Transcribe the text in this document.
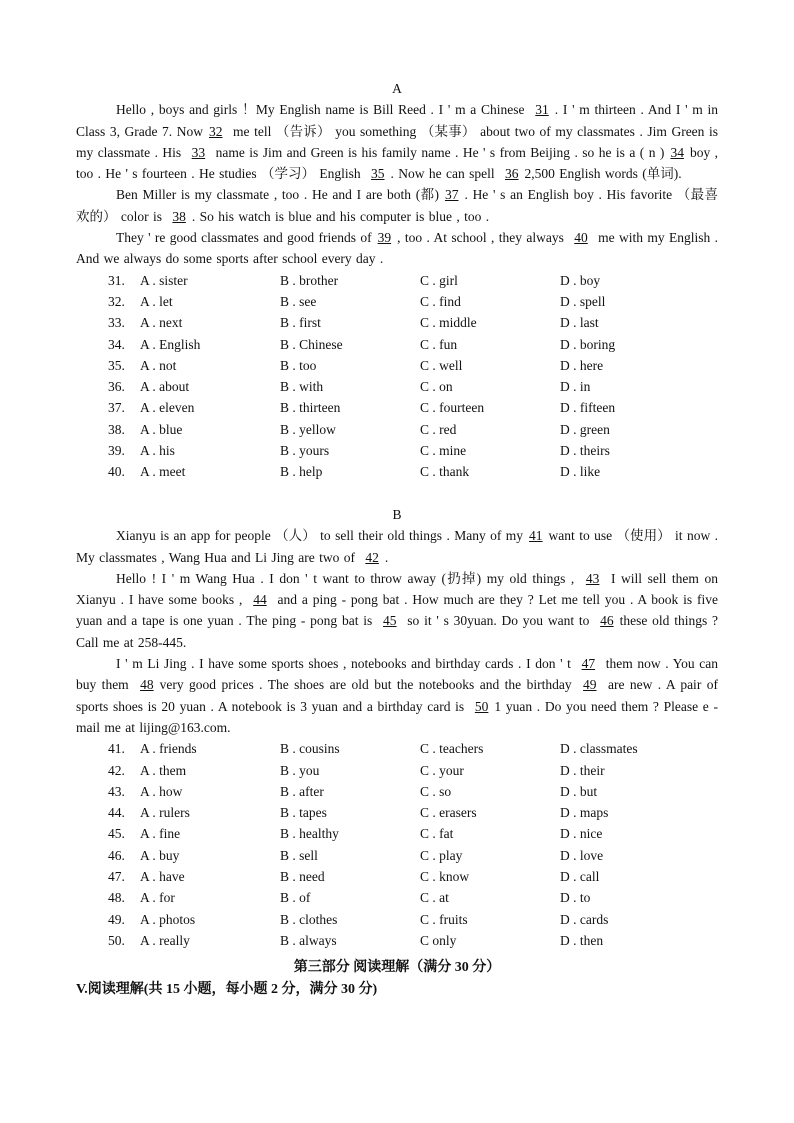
A

Hello , boys and girls ！My English name is Bill Reed . I ' m a Chinese 31 . I ' m thirteen . And I ' m in Class 3, Grade 7. Now 32 me tell （告诉） you something （某事） about two of my classmates . Jim Green is my classmate . His 33 name is Jim and Green is his family name . He ' s from Beijing . so he is a ( n ) 34 boy , too . He ' s fourteen . He studies （学习） English 35 . Now he can spell 36 2,500 English words (单词).

Ben Miller is my classmate , too . He and I are both (都) 37 . He ' s an English boy . His favorite （最喜欢的） color is 38 . So his watch is blue and his computer is blue , too .

They ' re good classmates and good friends of 39 , too . At school , they always 40 me with my English . And we always do some sports after school every day .

31.	A . sister	B . brother	C . girl	D . boy
32.	A . let	B . see	C . find	D . spell
33.	A . next	B . first	C . middle	D . last
34.	A . English	B . Chinese	C . fun	D . boring
35.	A . not	B . too	C . well	D . here
36.	A . about	B . with	C . on	D . in
37.	A . eleven	B . thirteen	C . fourteen	D . fifteen
38.	A . blue	B . yellow	C . red	D . green
39.	A . his	B . yours	C . mine	D . theirs
40.	A . meet	B . help	C . thank	D . like
B

Xianyu is an app for people （人） to sell their old things . Many of my 41 want to use （使用） it now . My classmates , Wang Hua and Li Jing are two of 42 .

Hello ! I ' m Wang Hua . I don ' t want to throw away (扔掉) my old things , 43 I will sell them on Xianyu . I have some books , 44 and a ping - pong bat . How much are they ? Let me tell you . A book is five yuan and a tape is one yuan . The ping - pong bat is 45 so it ' s 30yuan. Do you want to 46 these old things ? Call me at 258-445.

I ' m Li Jing . I have some sports shoes , notebooks and birthday cards . I don ' t 47 them now . You can buy them 48 very good prices . The shoes are old but the notebooks and the birthday 49 are new . A pair of sports shoes is 20 yuan . A notebook is 3 yuan and a birthday card is 50 1 yuan . Do you need them ? Please e - mail me at lijing@163.com.

41.	A . friends	B . cousins	C . teachers	D . classmates
42.	A . them	B . you	C . your	D . their
43.	A . how	B . after	C . so	D . but
44.	A . rulers	B . tapes	C . erasers	D . maps
45.	A . fine	B . healthy	C . fat	D . nice
46.	A . buy	B . sell	C . play	D . love
47.	A . have	B . need	C . know	D . call
48.	A . for	B . of	C . at	D . to
49.	A . photos	B . clothes	C . fruits	D . cards
50.	A . really	B . always	C only	D . then
第三部分 阅读理解（满分 30 分）
V.阅读理解(共 15 小题，每小题 2 分，满分 30 分)
